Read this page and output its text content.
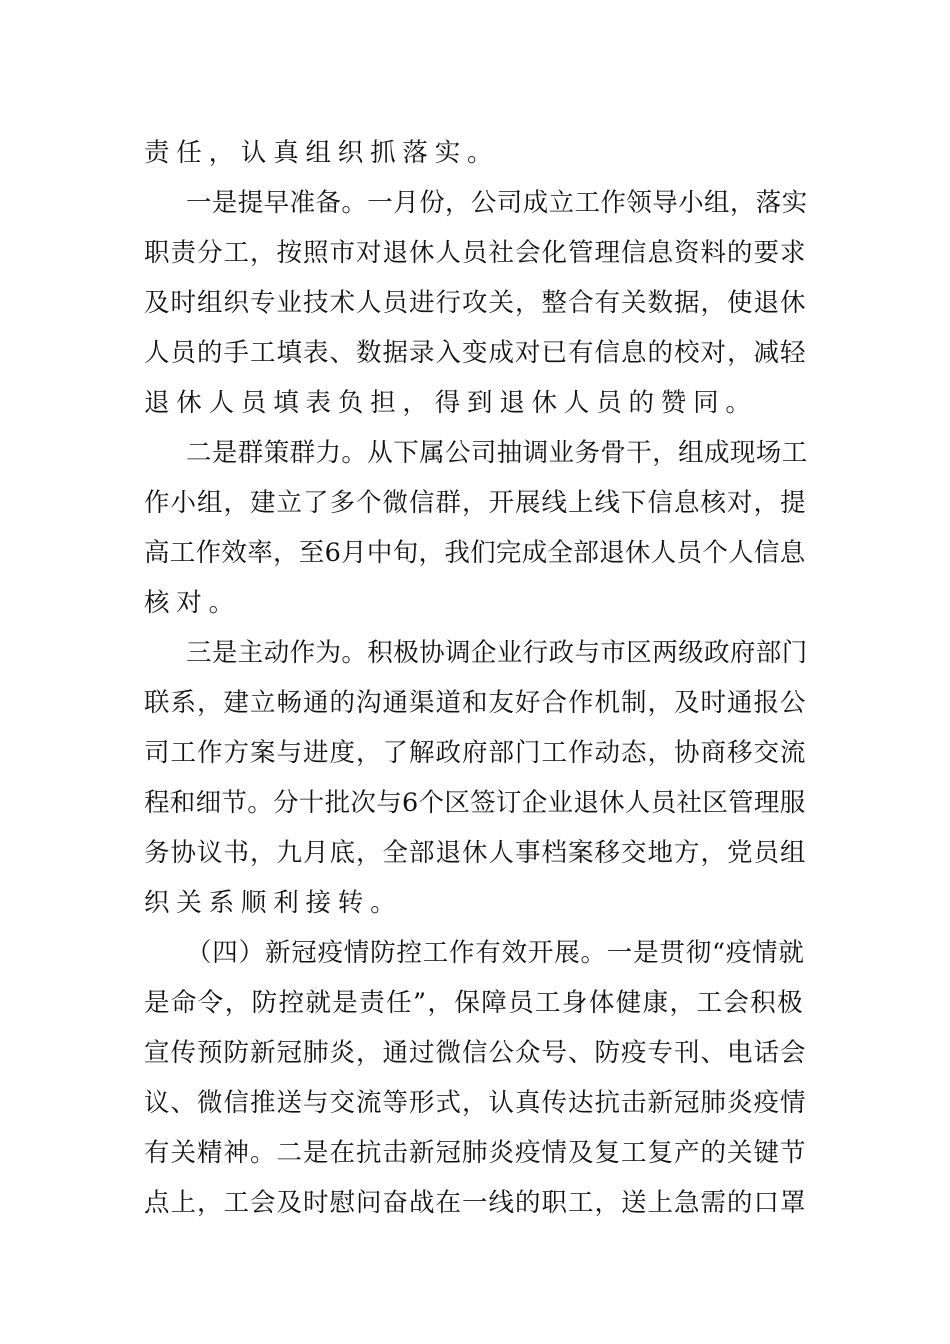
责任，认真组织抓落实。
一是提早准备。一月份，公司成立工作领导小组，落实
职责分工，按照市对退休人员社会化管理信息资料的要求
及时组织专业技术人员进行攻关，整合有关数据，使退休
人员的手工填表、数据录入变成对已有信息的校对，减轻
退休人员填表负担，得到退休人员的赞同。
二是群策群力。从下属公司抽调业务骨干，组成现场工
作小组，建立了多个微信群，开展线上线下信息核对，提
高工作效率，至6月中旬，我们完成全部退休人员个人信息
核对。
三是主动作为。积极协调企业行政与市区两级政府部门
联系，建立畅通的沟通渠道和友好合作机制，及时通报公
司工作方案与进度，了解政府部门工作动态，协商移交流
程和细节。分十批次与6个区签订企业退休人员社区管理服
务协议书，九月底，全部退休人事档案移交地方，党员组
织关系顺利接转。
（四）新冠疫情防控工作有效开展。一是贯彻“疫情就
是命令，防控就是责任”，保障员工身体健康，工会积极
宣传预防新冠肺炎，通过微信公众号、防疫专刊、电话会
议、微信推送与交流等形式，认真传达抗击新冠肺炎疫情
有关精神。二是在抗击新冠肺炎疫情及复工复产的关键节
点上，工会及时慰问奋战在一线的职工，送上急需的口罩
